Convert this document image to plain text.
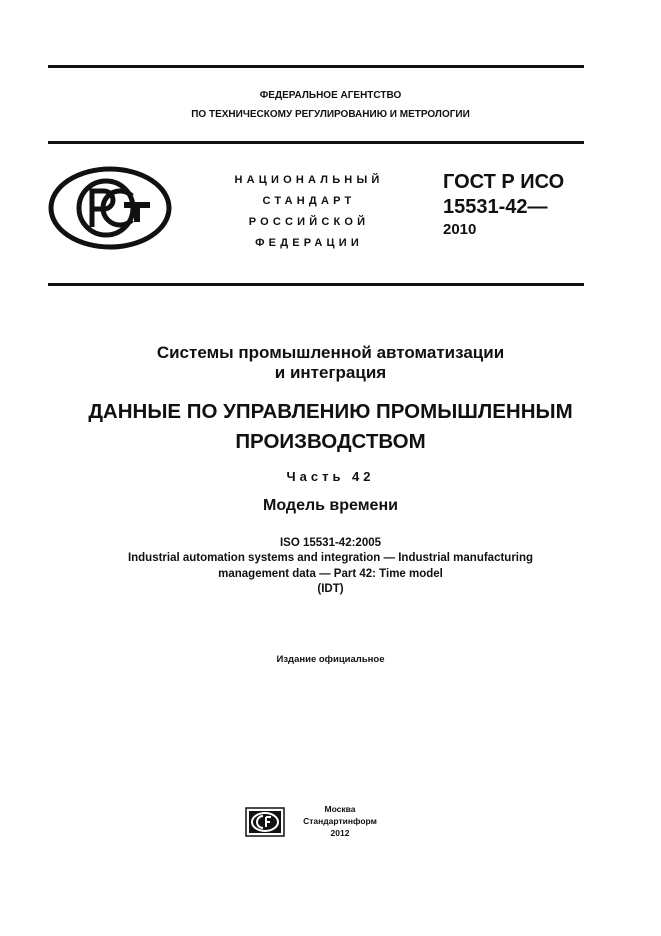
ФЕДЕРАЛЬНОЕ АГЕНТСТВО
ПО ТЕХНИЧЕСКОМУ РЕГУЛИРОВАНИЮ И МЕТРОЛОГИИ
НАЦИОНАЛЬНЫЙ
СТАНДАРТ
РОССИЙСКОЙ
ФЕДЕРАЦИИ
ГОСТ Р ИСО
15531-42—
2010
Системы промышленной автоматизации
и интеграция
ДАННЫЕ ПО УПРАВЛЕНИЮ ПРОМЫШЛЕННЫМ
ПРОИЗВОДСТВОМ
Часть 42
Модель времени
ISO 15531-42:2005
Industrial automation systems and integration — Industrial manufacturing
management data — Part 42: Time model
(IDT)
Издание официальное
Москва
Стандартинформ
2012
